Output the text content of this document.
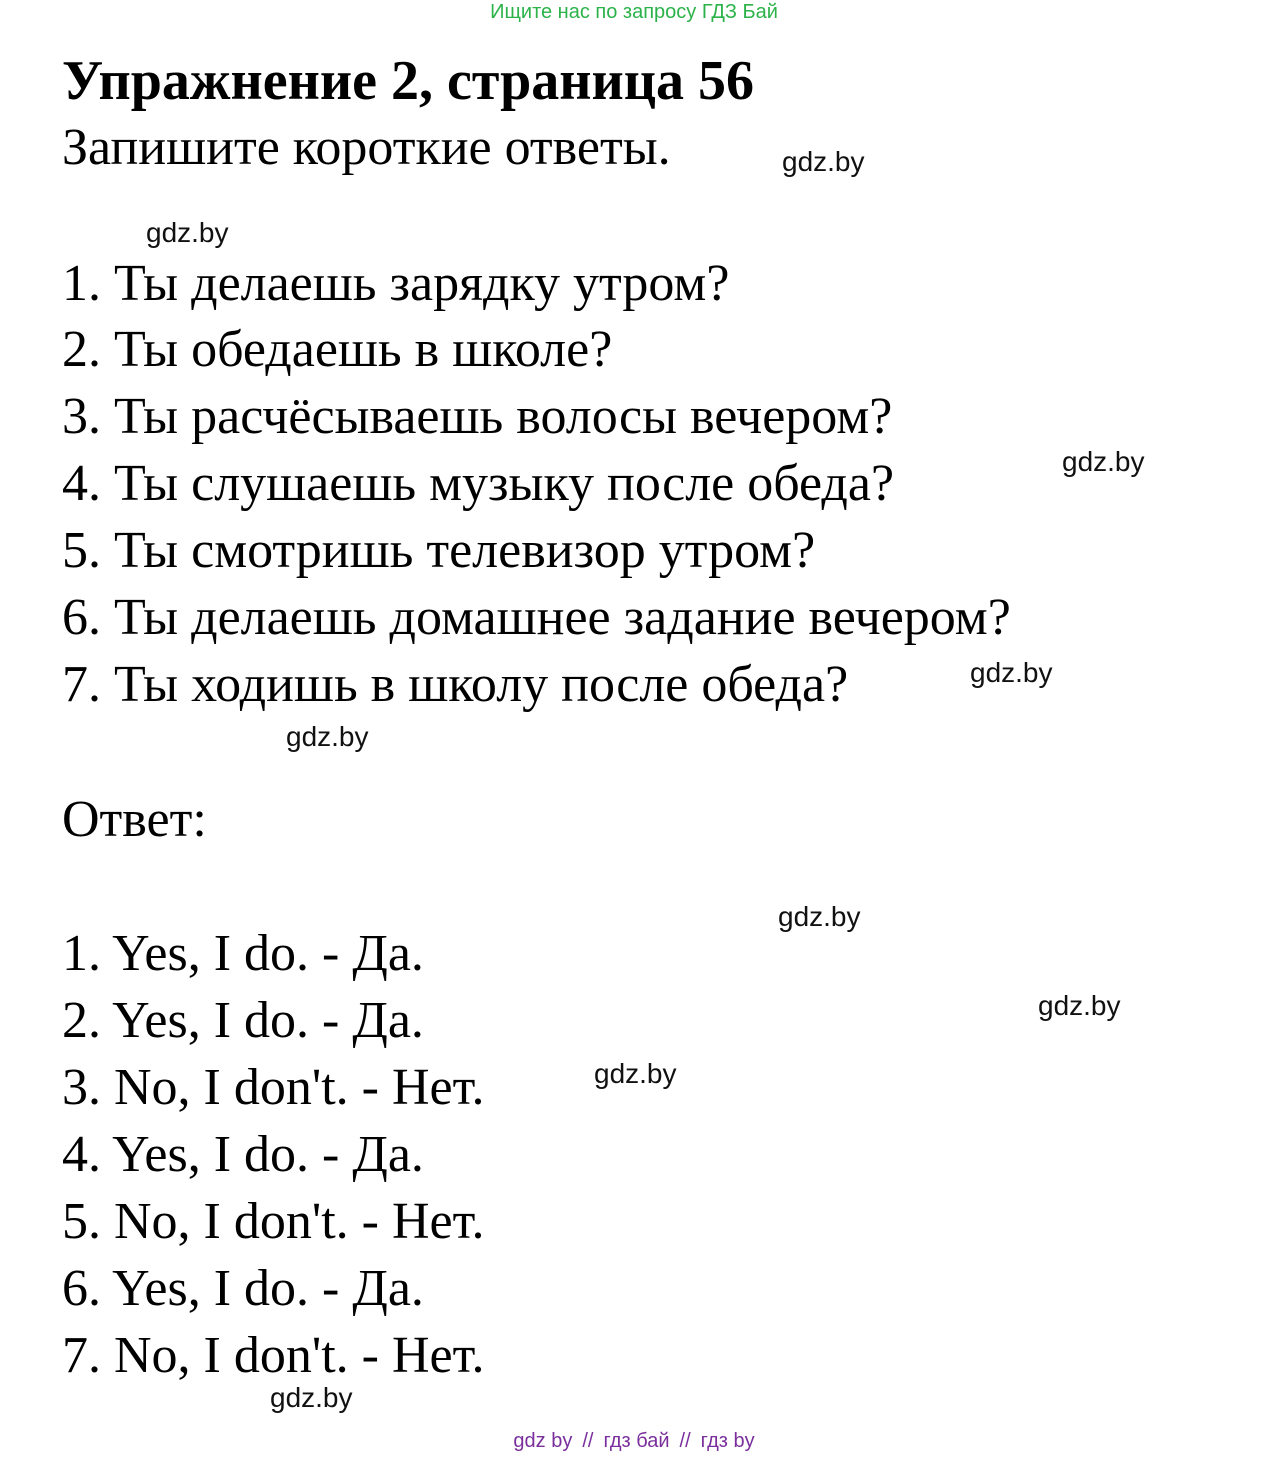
Ищите нас по запросу ГДЗ Бай
Упражнение 2, страница 56
Запишите короткие ответы.	gdz.by
gdz.by
1. Ты делаешь зарядку утром?
2. Ты обедаешь в школе?
3. Ты расчёсываешь волосы вечером?
4. Ты слушаешь музыку после обеда?
5. Ты смотришь телевизор утром?
6. Ты делаешь домашнее задание вечером?
7. Ты ходишь в школу после обеда?
gdz.by
gdz.by
gdz.by
Ответ:
gdz.by
1. Yes, I do. - Да.
2. Yes, I do. - Да.
3. No, I don't. - Нет.
4. Yes, I do. - Да.
5. No, I don't. - Нет.
6. Yes, I do. - Да.
7. No, I don't. - Нет.
gdz.by
gdz.by
gdz.by
gdz by // гдз бай // гдз by
